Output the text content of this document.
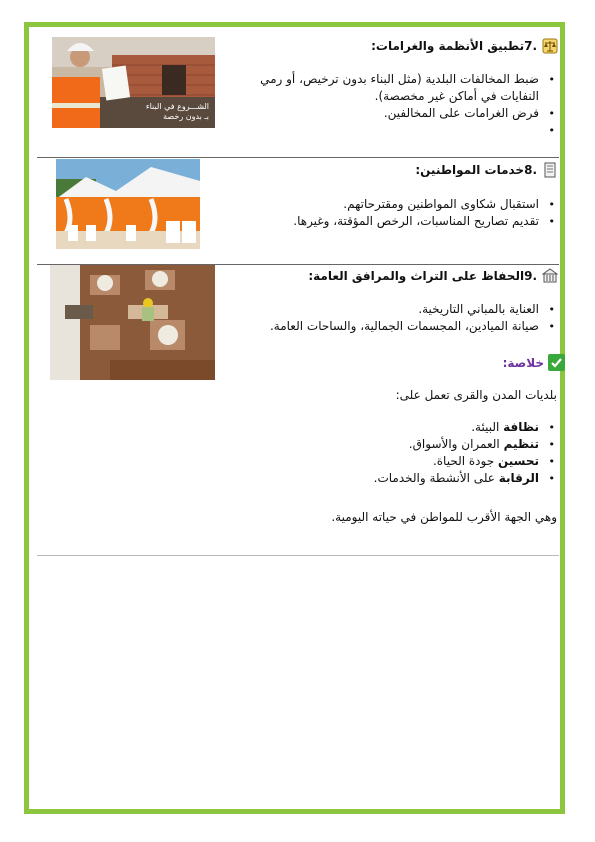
الشـــروع في البناء
بـ بدون رخصة
.7تطبيق الأنظمة والغرامات:
• ضبط المخالفات البلدية (مثل البناء بدون ترخيص، أو رمي النفايات في أماكن غير مخصصة).
• فرض الغرامات على المخالفين.
•
.8خدمات المواطنين:
• استقبال شكاوى المواطنين ومقترحاتهم.
• تقديم تصاريح المناسبات، الرخص المؤقتة، وغيرها.
.9الحفاظ على التراث والمرافق العامة:
• العناية بالمباني التاريخية.
• صيانة الميادين، المجسمات الجمالية، والساحات العامة.
خلاصة:
بلديات المدن والقرى تعمل على:
• نظافة البيئة.
• تنظيم العمران والأسواق.
• تحسين جودة الحياة.
• الرقابة على الأنشطة والخدمات.
وهي الجهة الأقرب للمواطن في حياته اليومية.
